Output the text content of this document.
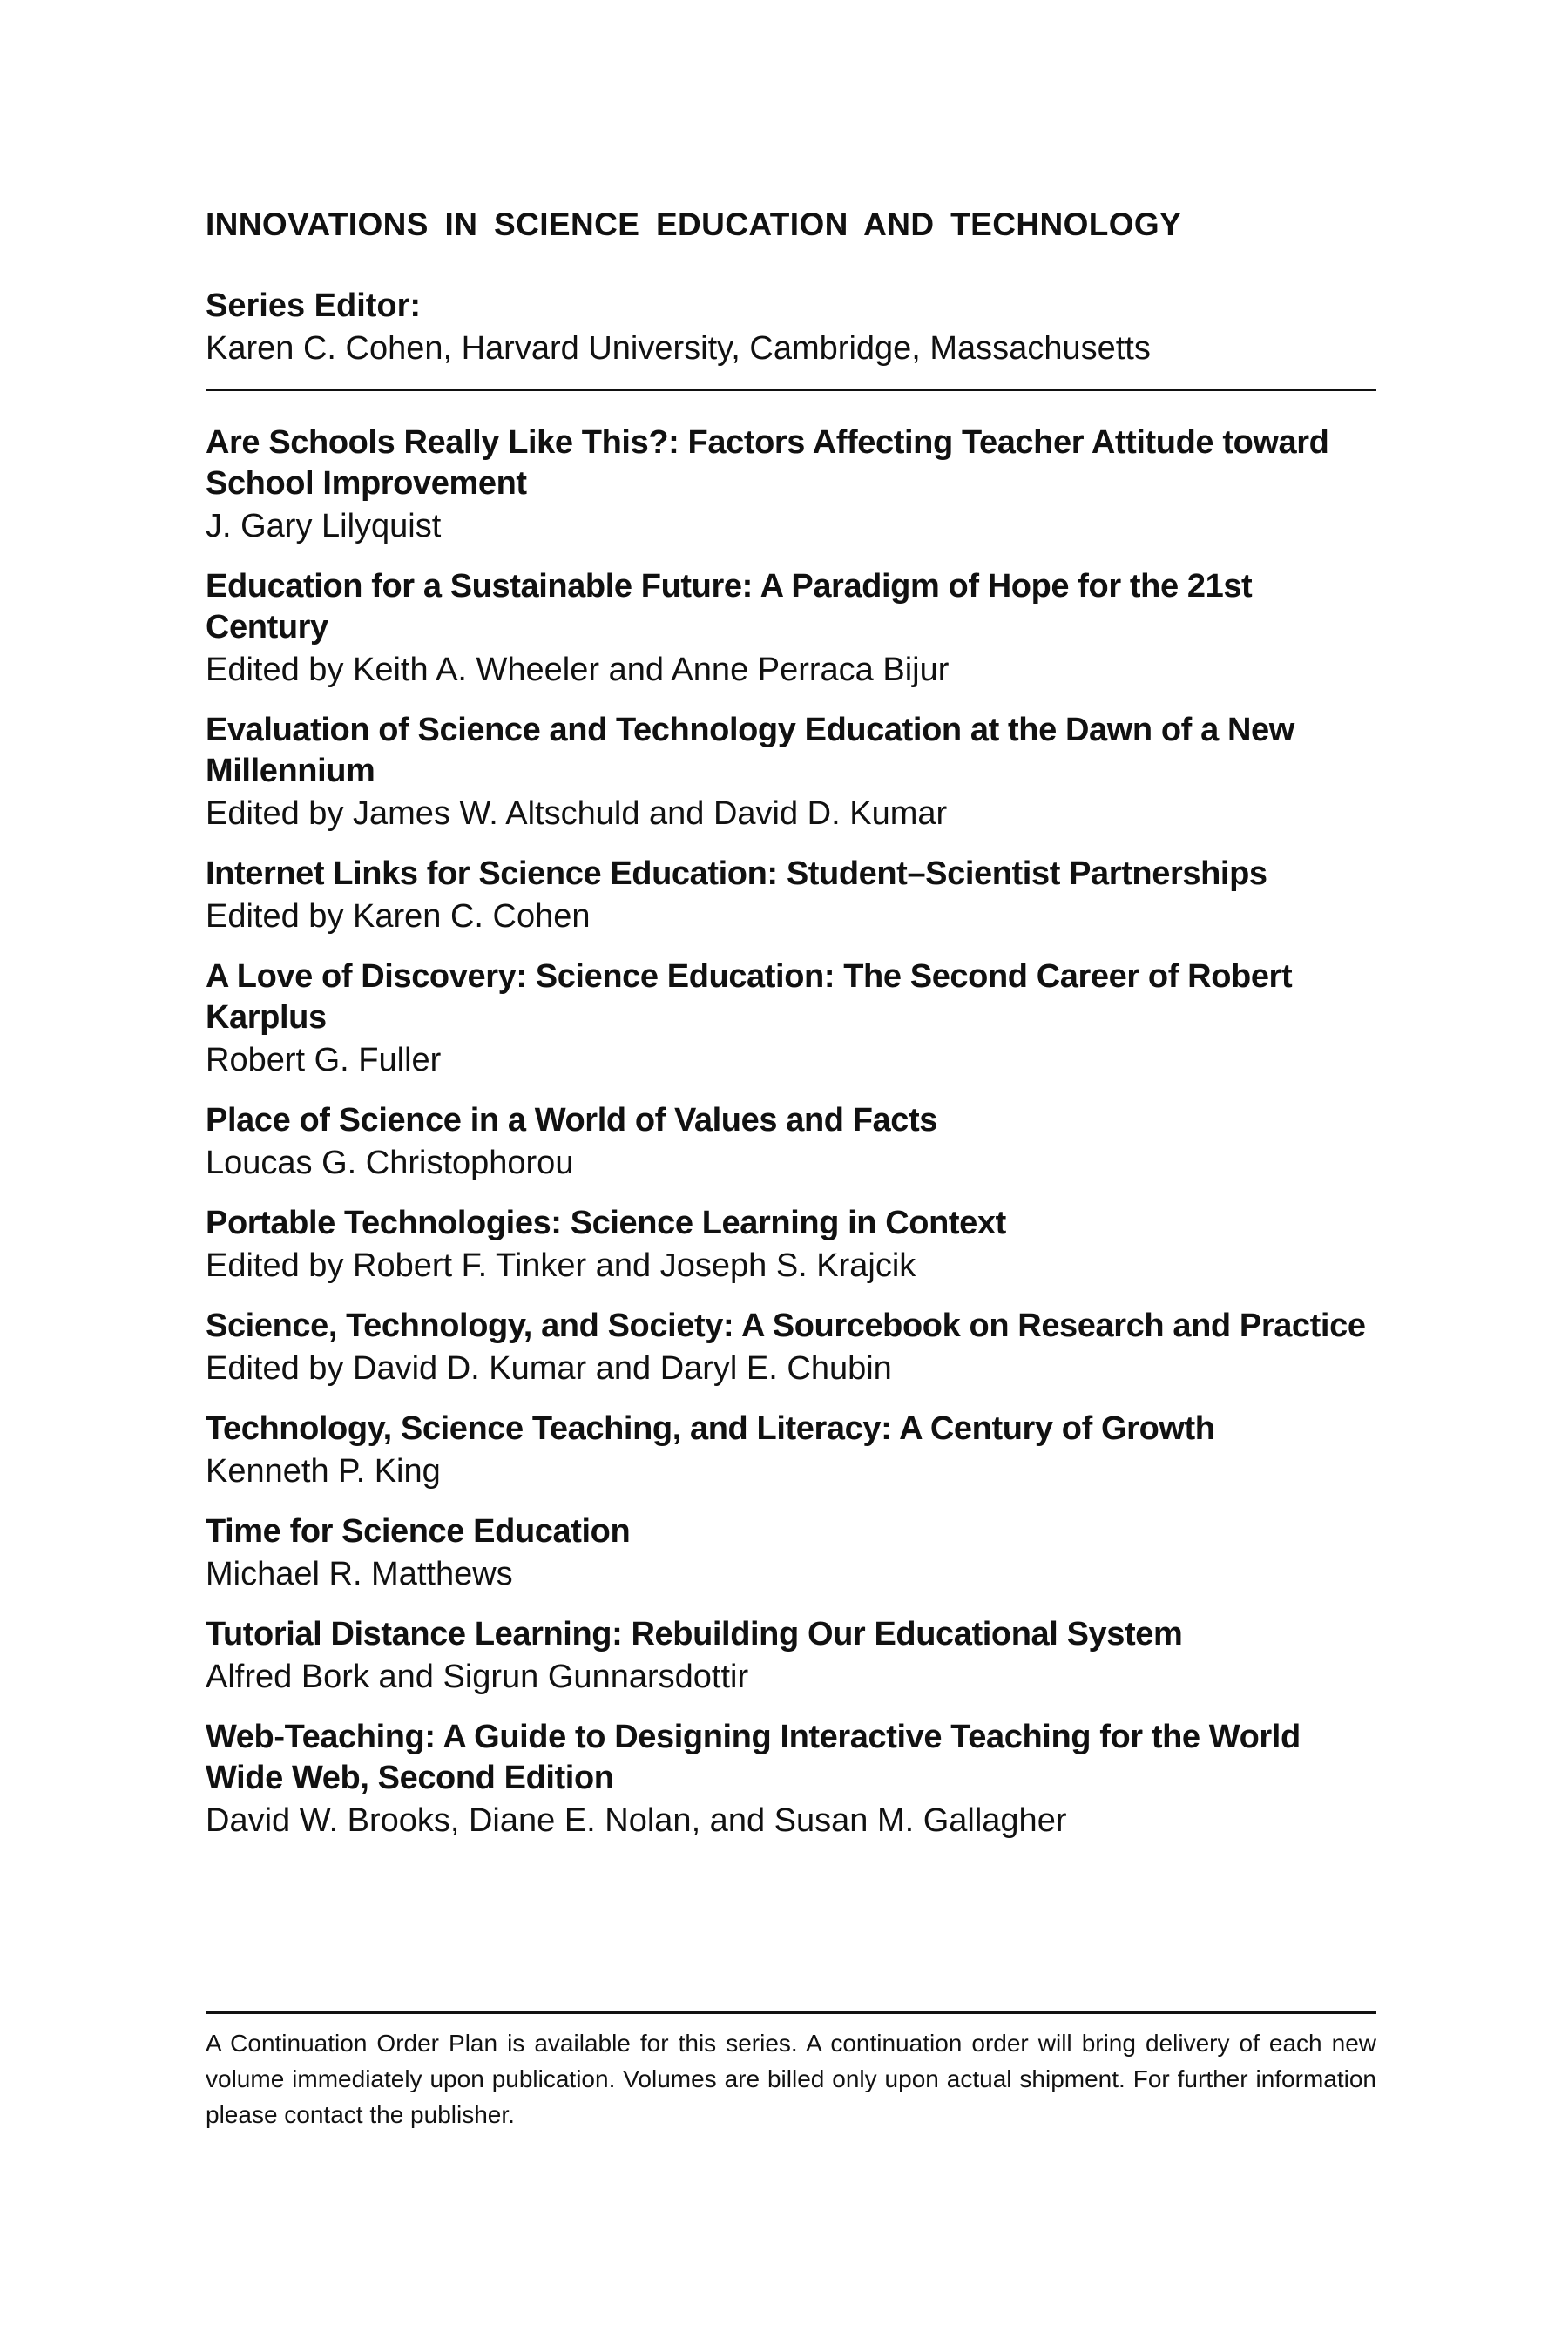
INNOVATIONS IN SCIENCE EDUCATION AND TECHNOLOGY
Series Editor:
Karen C. Cohen, Harvard University, Cambridge, Massachusetts
Are Schools Really Like This?: Factors Affecting Teacher Attitude toward School Improvement
J. Gary Lilyquist
Education for a Sustainable Future: A Paradigm of Hope for the 21st Century
Edited by Keith A. Wheeler and Anne Perraca Bijur
Evaluation of Science and Technology Education at the Dawn of a New Millennium
Edited by James W. Altschuld and David D. Kumar
Internet Links for Science Education: Student–Scientist Partnerships
Edited by Karen C. Cohen
A Love of Discovery: Science Education: The Second Career of Robert Karplus
Robert G. Fuller
Place of Science in a World of Values and Facts
Loucas G. Christophorou
Portable Technologies: Science Learning in Context
Edited by Robert F. Tinker and Joseph S. Krajcik
Science, Technology, and Society: A Sourcebook on Research and Practice
Edited by David D. Kumar and Daryl E. Chubin
Technology, Science Teaching, and Literacy: A Century of Growth
Kenneth P. King
Time for Science Education
Michael R. Matthews
Tutorial Distance Learning: Rebuilding Our Educational System
Alfred Bork and Sigrun Gunnarsdottir
Web-Teaching: A Guide to Designing Interactive Teaching for the World Wide Web, Second Edition
David W. Brooks, Diane E. Nolan, and Susan M. Gallagher
A Continuation Order Plan is available for this series. A continuation order will bring delivery of each new volume immediately upon publication. Volumes are billed only upon actual shipment. For further information please contact the publisher.
